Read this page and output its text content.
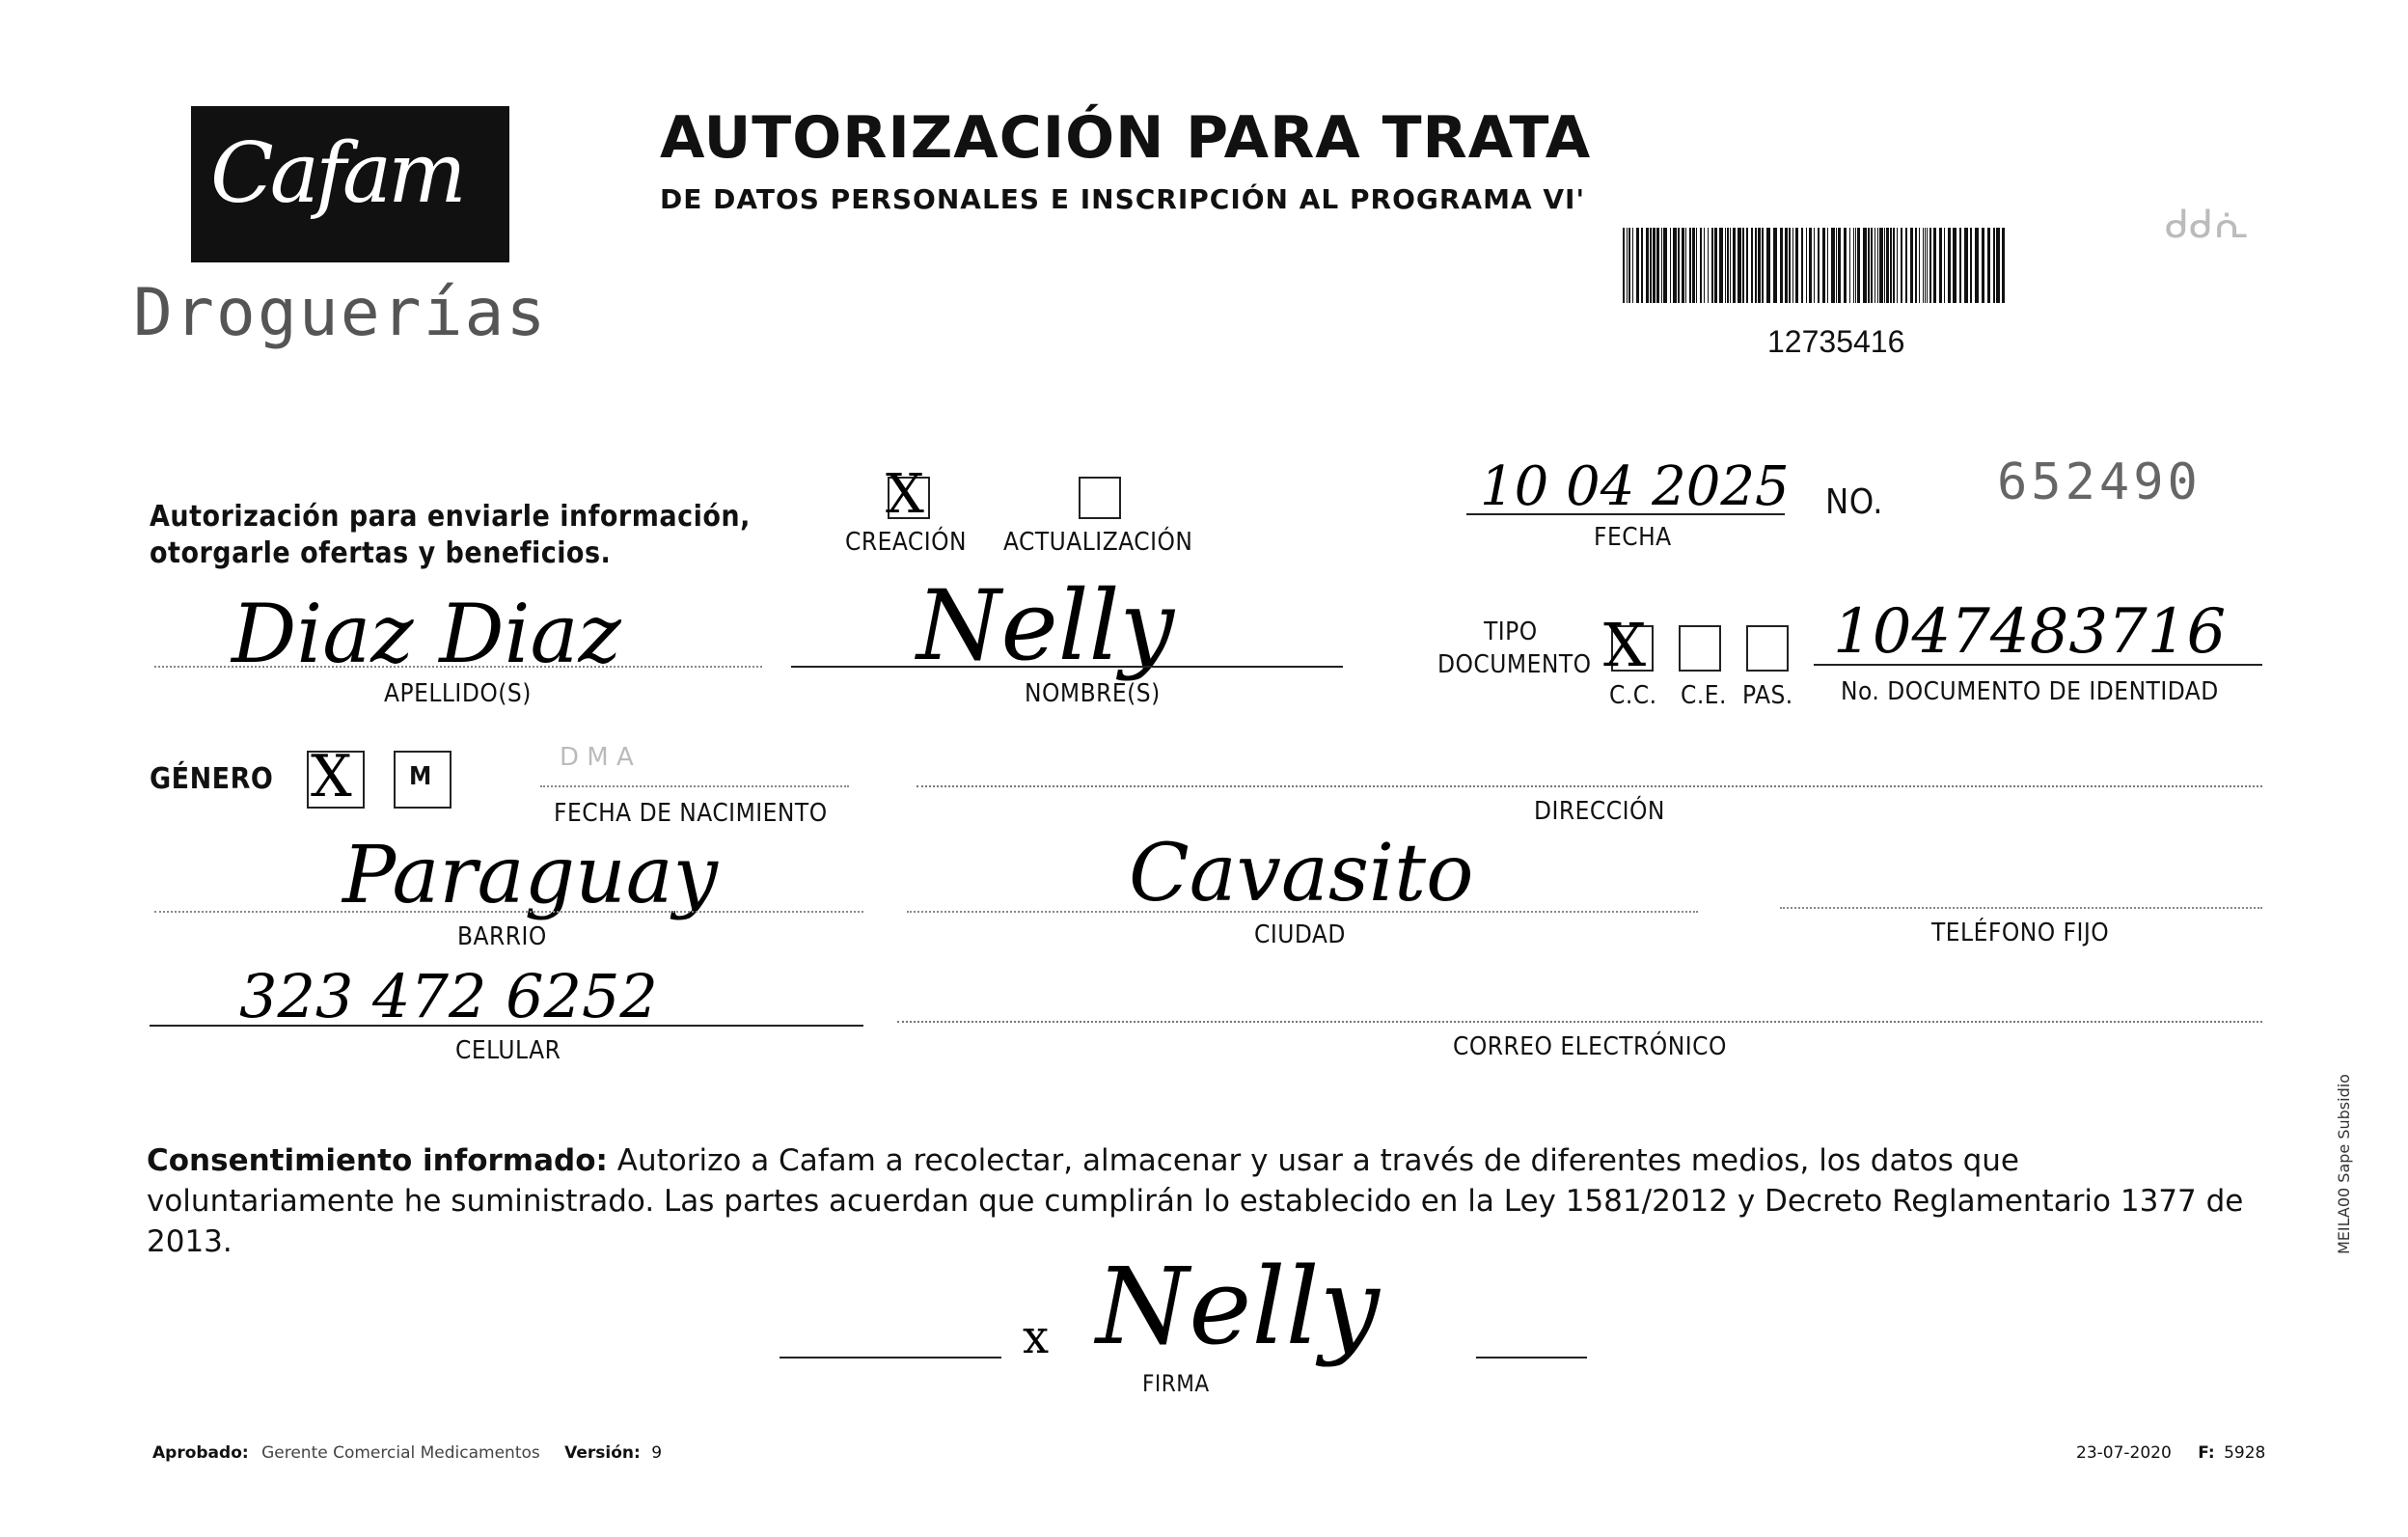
Cafam
Droguerías
AUTORIZACIÓN PARA TRATA
DE DATOS PERSONALES E INSCRIPCIÓN AL PROGRAMA VI'
12735416
ᑯᑯᕇ
Autorización para enviarle información,
otorgarle ofertas y beneficios.
X
CREACIÓN ACTUALIZACIÓN
10 04 2025
FECHA
NO. 652490
Diaz Diaz
APELLIDO(S)
Nelly
NOMBRE(S)
TIPO
DOCUMENTO X
C.C. C.E. PAS.
1047483716
No. DOCUMENTO DE IDENTIDAD
GÉNERO X M
D M A
FECHA DE NACIMIENTO	DIRECCIÓN
Paraguay
BARRIO
Cavasito
CIUDAD	TELÉFONO FIJO
323 472 6252
CELULAR	CORREO ELECTRÓNICO
Consentimiento informado: Autorizo a Cafam a recolectar, almacenar y usar a través de diferentes medios, los datos que voluntariamente he suministrado. Las partes acuerdan que cumplirán lo establecido en la Ley 1581/2012 y Decreto Reglamentario 1377 de 2013.
x Nelly
FIRMA
Aprobado: Gerente Comercial Medicamentos Versión: 9	23-07-2020 F: 5928
MEILA00 Sape Subsidio
